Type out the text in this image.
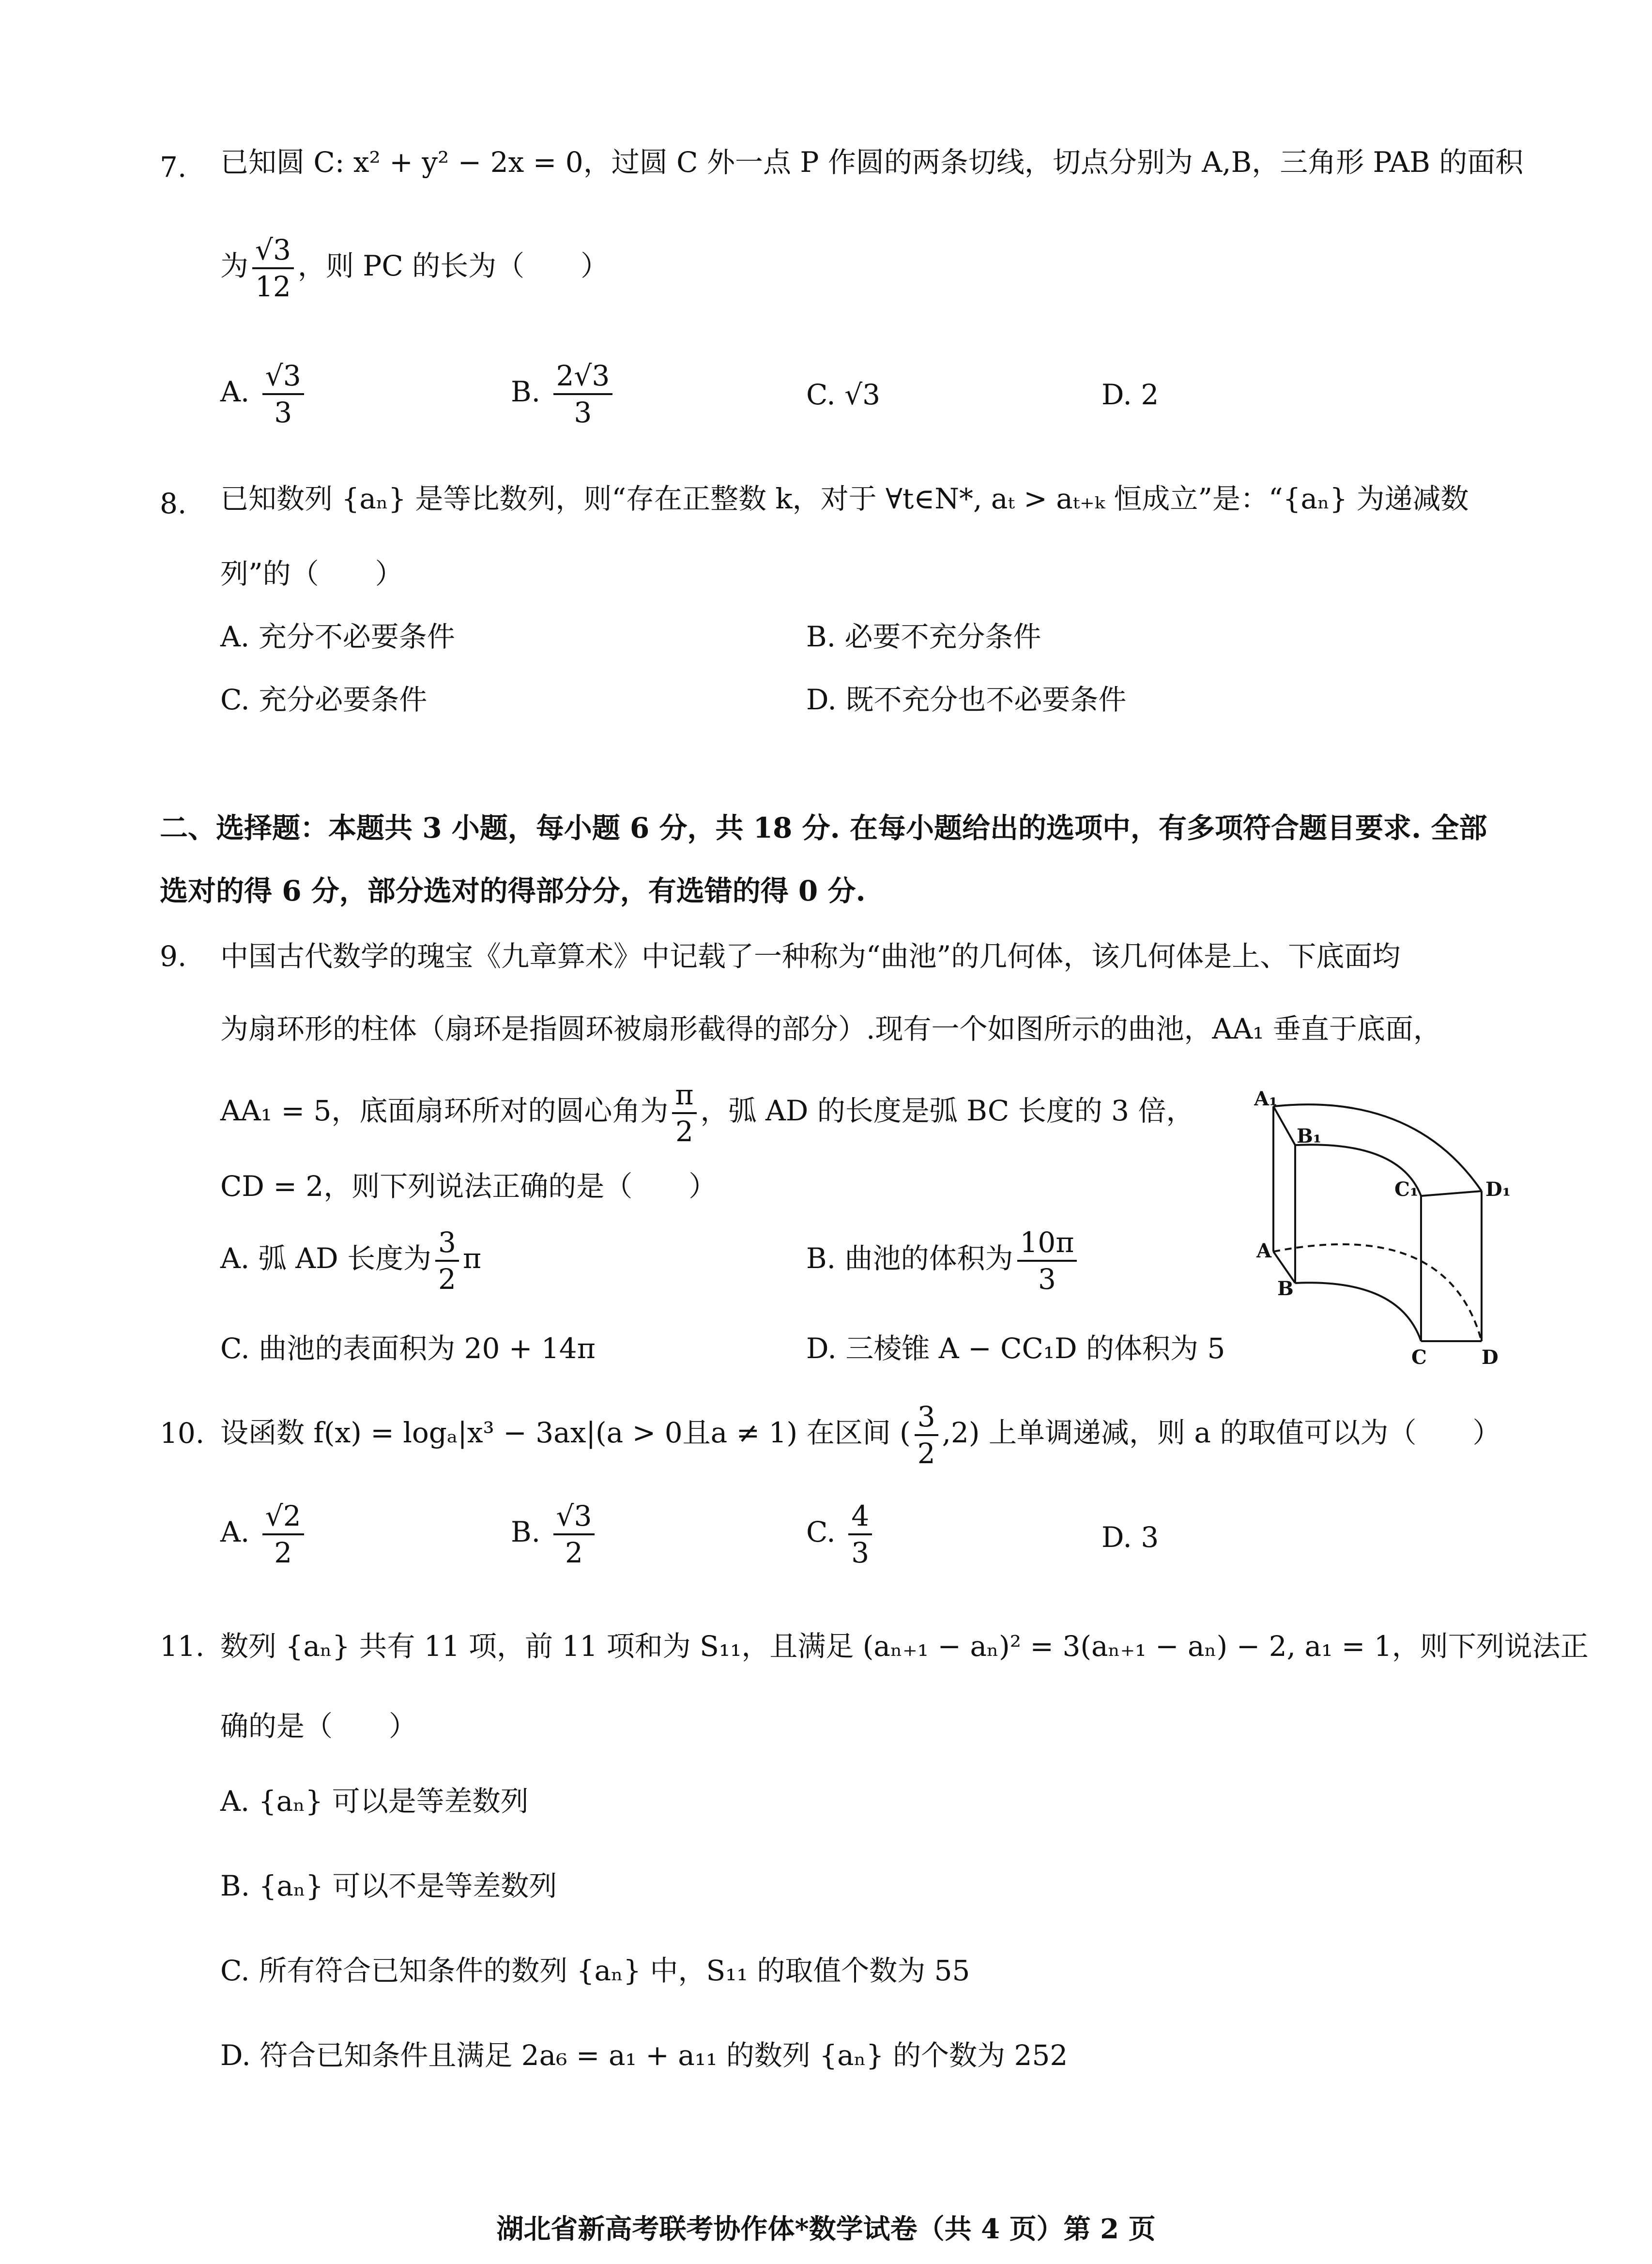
7. 已知圆 C: x² + y² − 2x = 0，过圆 C 外一点 P 作圆的两条切线，切点分别为 A,B，三角形 PAB 的面积
为 $\frac{√3}{12}$ ，则 PC 的长为（　　）
A. $\frac{√3}{3}$	B. $\frac{2√3}{3}$	C. √3	D. 2
8. 已知数列 {aₙ} 是等比数列，则“存在正整数 k，对于 ∀t∈N*, aₜ > aₜ₊ₖ 恒成立”是：“{aₙ} 为递减数
列”的（　　）
A. 充分不必要条件	B. 必要不充分条件
C. 充分必要条件	D. 既不充分也不必要条件
二、选择题：本题共 3 小题，每小题 6 分，共 18 分. 在每小题给出的选项中，有多项符合题目要求. 全部
选对的得 6 分，部分选对的得部分分，有选错的得 0 分.
9. 中国古代数学的瑰宝《九章算术》中记载了一种称为“曲池”的几何体，该几何体是上、下底面均
为扇环形的柱体（扇环是指圆环被扇形截得的部分）.现有一个如图所示的曲池，AA₁ 垂直于底面，
AA₁ = 5，底面扇环所对的圆心角为 $\frac{\pi}{2}$ ，弧 AD 的长度是弧 BC 长度的 3 倍，
CD = 2，则下列说法正确的是（　　）
A. 弧 AD 长度为 $\frac{3}{2}$ π	B. 曲池的体积为 $\frac{10\pi}{3}$
C. 曲池的表面积为 20 + 14π	D. 三棱锥 A − CC₁D 的体积为 5
A₁
B₁
C₁	D₁
A
B
C	D
10. 设函数 f(x) = logₐ|x³ − 3ax|(a > 0且a ≠ 1) 在区间 ( $\frac{3}{2} ,2$) 上单调递减，则 a 的取值可以为（　　）
A. $\frac{√2}{2}$	B. $\frac{√3}{2}$	C. $\frac{4}{3}$	D. 3
11. 数列 {aₙ} 共有 11 项，前 11 项和为 S₁₁，且满足 (aₙ₊₁ − aₙ)² = 3(aₙ₊₁ − aₙ) − 2, a₁ = 1，则下列说法正
确的是（　　）
A. {aₙ} 可以是等差数列
B. {aₙ} 可以不是等差数列
C. 所有符合已知条件的数列 {aₙ} 中，S₁₁ 的取值个数为 55
D. 符合已知条件且满足 2a₆ = a₁ + a₁₁ 的数列 {aₙ} 的个数为 252
湖北省新高考联考协作体*数学试卷（共 4 页）第 2 页
